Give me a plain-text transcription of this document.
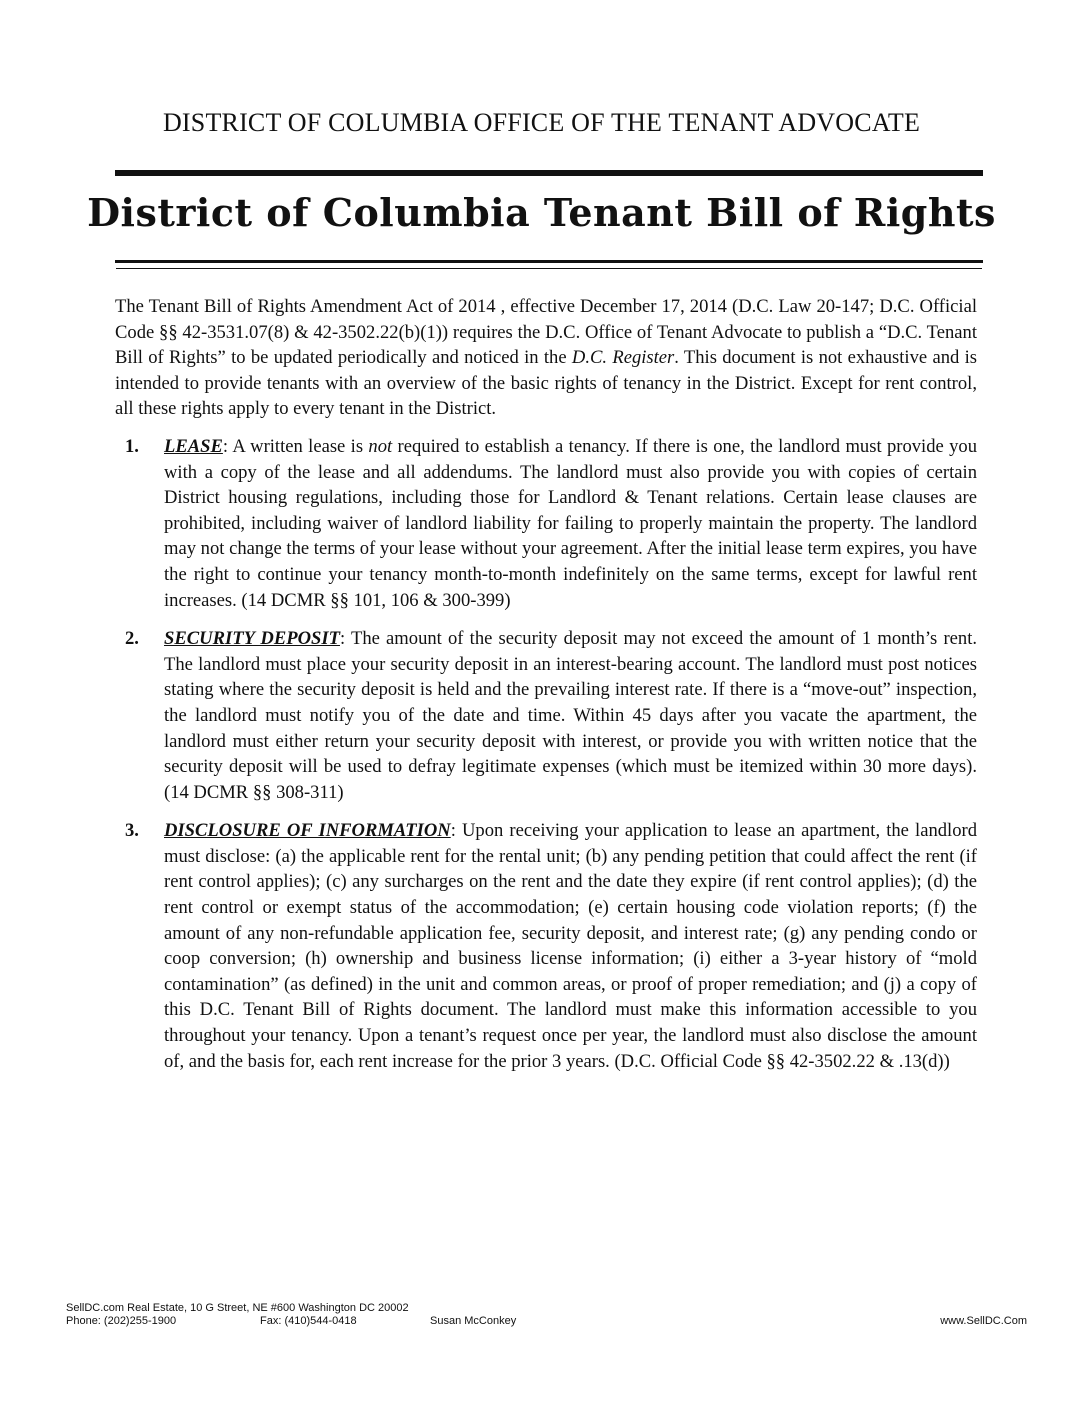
DISTRICT OF COLUMBIA OFFICE OF THE TENANT ADVOCATE
District of Columbia Tenant Bill of Rights

The Tenant Bill of Rights Amendment Act of 2014 , effective December 17, 2014 (D.C. Law 20-147; D.C. Official Code §§ 42-3531.07(8) & 42-3502.22(b)(1)) requires the D.C. Office of Tenant Advocate to publish a “D.C. Tenant Bill of Rights” to be updated periodically and noticed in the D.C. Register. This document is not exhaustive and is intended to provide tenants with an overview of the basic rights of tenancy in the District. Except for rent control, all these rights apply to every tenant in the District.

1. LEASE: A written lease is not required to establish a tenancy. If there is one, the landlord must provide you with a copy of the lease and all addendums. The landlord must also provide you with copies of certain District housing regulations, including those for Landlord & Tenant relations. Certain lease clauses are prohibited, including waiver of landlord liability for failing to properly maintain the property. The landlord may not change the terms of your lease without your agreement. After the initial lease term expires, you have the right to continue your tenancy month-to-month indefinitely on the same terms, except for lawful rent increases. (14 DCMR §§ 101, 106 & 300-399)
2. SECURITY DEPOSIT: The amount of the security deposit may not exceed the amount of 1 month’s rent. The landlord must place your security deposit in an interest-bearing account. The landlord must post notices stating where the security deposit is held and the prevailing interest rate. If there is a “move-out” inspection, the landlord must notify you of the date and time. Within 45 days after you vacate the apartment, the landlord must either return your security deposit with interest, or provide you with written notice that the security deposit will be used to defray legitimate expenses (which must be itemized within 30 more days). (14 DCMR §§ 308-311)
3. DISCLOSURE OF INFORMATION: Upon receiving your application to lease an apartment, the landlord must disclose: (a) the applicable rent for the rental unit; (b) any pending petition that could affect the rent (if rent control applies); (c) any surcharges on the rent and the date they expire (if rent control applies); (d) the rent control or exempt status of the accommodation; (e) certain housing code violation reports; (f) the amount of any non-refundable application fee, security deposit, and interest rate; (g) any pending condo or coop conversion; (h) ownership and business license information; (i) either a 3-year history of “mold contamination” (as defined) in the unit and common areas, or proof of proper remediation; and (j) a copy of this D.C. Tenant Bill of Rights document. The landlord must make this information accessible to you throughout your tenancy. Upon a tenant’s request once per year, the landlord must also disclose the amount of, and the basis for, each rent increase for the prior 3 years. (D.C. Official Code §§ 42-3502.22 & .13(d))
SellDC.com Real Estate, 10 G Street, NE #600 Washington DC 20002
Phone: (202)255-1900	Fax: (410)544-0418	Susan McConkey	www.SellDC.Com
